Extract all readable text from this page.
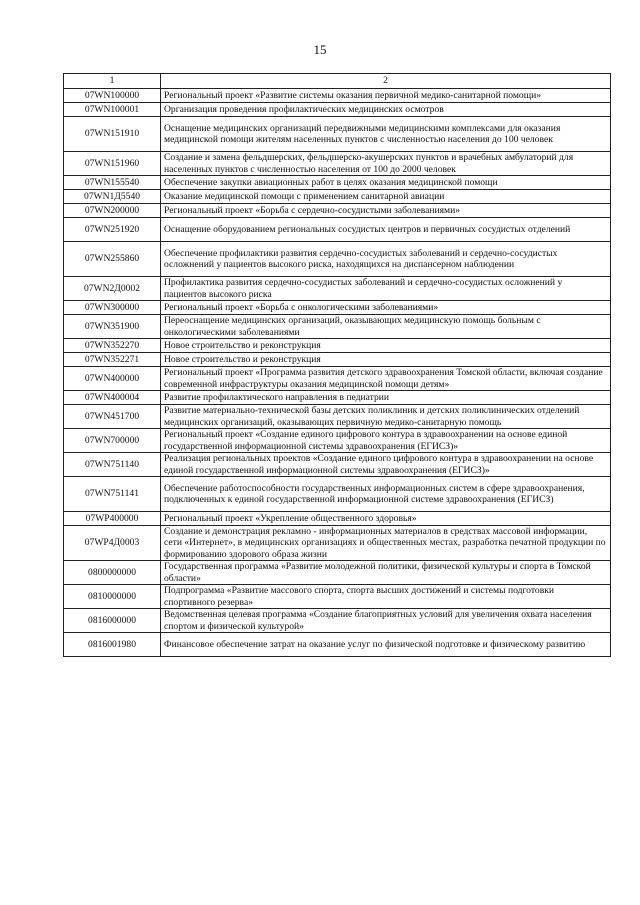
15
1	2
07WN100000	Региональный проект «Развитие системы оказания первичной медико-санитарной помощи»
07WN100001	Организация проведения профилактических медицинских осмотров
07WN151910	Оснащение медицинских организаций передвижными медицинскими комплексами для оказания медицинской помощи жителям населенных пунктов с численностью населения до 100 человек
07WN151960	Создание и замена фельдшерских, фельдшерско-акушерских пунктов и врачебных амбулаторий для населенных пунктов с численностью населения от 100 до 2000 человек
07WN155540	Обеспечение закупки авиационных работ в целях оказания медицинской помощи
07WN1Д5540	Оказание медицинской помощи с применением санитарной авиации
07WN200000	Региональный проект «Борьба с сердечно-сосудистыми заболеваниями»
07WN251920	Оснащение оборудованием региональных сосудистых центров и первичных сосудистых отделений
07WN255860	Обеспечение профилактики развития сердечно-сосудистых заболеваний и сердечно-сосудистых осложнений у пациентов высокого риска, находящихся на диспансерном наблюдении
07WN2Д0002	Профилактика развития сердечно-сосудистых заболеваний и сердечно-сосудистых осложнений у пациентов высокого риска
07WN300000	Региональный проект «Борьба с онкологическими заболеваниями»
07WN351900	Переоснащение медицинских организаций, оказывающих медицинскую помощь больным с онкологическими заболеваниями
07WN352270	Новое строительство и реконструкция
07WN352271	Новое строительство и реконструкция
07WN400000	Региональный проект «Программа развития детского здравоохранения Томской области, включая создание современной инфраструктуры оказания медицинской помощи детям»
07WN400004	Развитие профилактического направления в педиатрии
07WN451700	Развитие материально-технической базы детских поликлиник и детских поликлинических отделений медицинских организаций, оказывающих первичную медико-санитарную помощь
07WN700000	Региональный проект «Создание единого цифрового контура в здравоохранении на основе единой государственной информационной системы здравоохранения (ЕГИСЗ)»
07WN751140	Реализация региональных проектов «Создание единого цифрового контура в здравоохранении на основе единой государственной информационной системы здравоохранения (ЕГИСЗ)»
07WN751141	Обеспечение работоспособности государственных информационных систем в сфере здравоохранения, подключенных к единой государственной информационной системе здравоохранения (ЕГИСЗ)
07WP400000	Региональный проект «Укрепление общественного здоровья»
07WP4Д0003	Создание и демонстрация рекламно - информационных материалов в средствах массовой информации, сети «Интернет», в медицинских организациях и общественных местах, разработка печатной продукции по формированию здорового образа жизни
0800000000	Государственная программа «Развитие молодежной политики, физической культуры и спорта в Томской области»
0810000000	Подпрограмма «Развитие массового спорта, спорта высших достижений и системы подготовки спортивного резерва»
0816000000	Ведомственная целевая программа «Создание благоприятных условий для увеличения охвата населения спортом и физической культурой»
0816001980	Финансовое обеспечение затрат на оказание услуг по физической подготовке и физическому развитию
